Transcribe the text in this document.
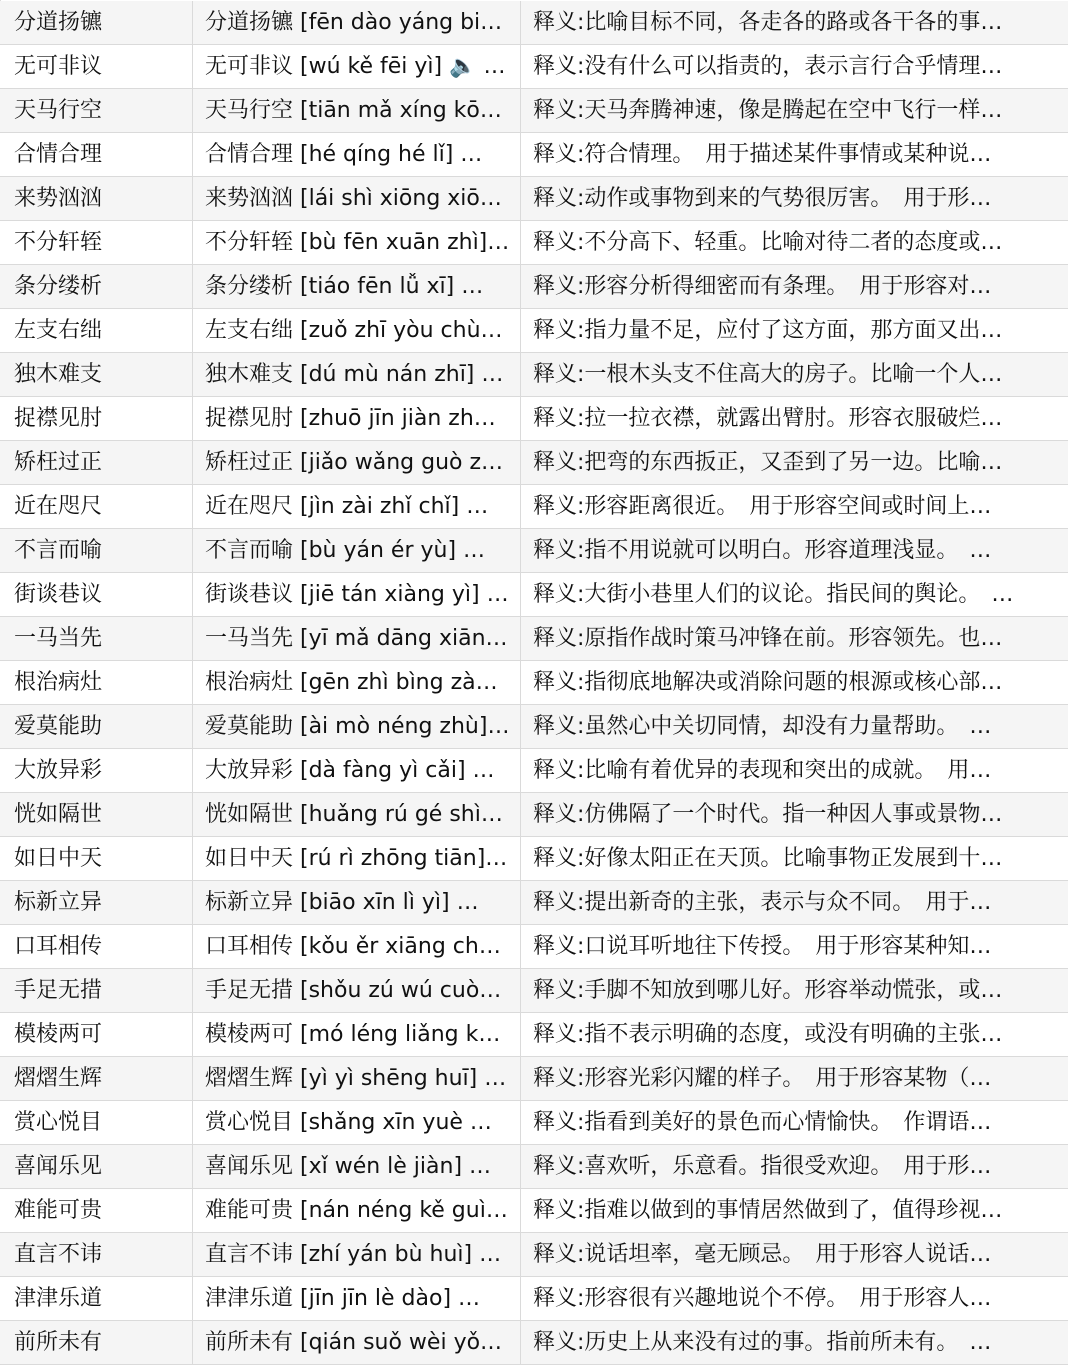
分道扬镳	分道扬镳 [fēn dào yáng bi…	释义:比喻目标不同，各走各的路或各干各的事…
无可非议	无可非议 [wú kě fēi yì] 🔈 …	释义:没有什么可以指责的，表示言行合乎情理…
天马行空	天马行空 [tiān mǎ xíng kō…	释义:天马奔腾神速，像是腾起在空中飞行一样…
合情合理	合情合理 [hé qíng hé lǐ] …	释义:符合情理。　用于描述某件事情或某种说…
来势汹汹	来势汹汹 [lái shì xiōng xiō…	释义:动作或事物到来的气势很厉害。　用于形…
不分轩轾	不分轩轾 [bù fēn xuān zhì]…	释义:不分高下、轻重。比喻对待二者的态度或…
条分缕析	条分缕析 [tiáo fēn lǚ xī] …	释义:形容分析得细密而有条理。　用于形容对…
左支右绌	左支右绌 [zuǒ zhī yòu chù…	释义:指力量不足，应付了这方面，那方面又出…
独木难支	独木难支 [dú mù nán zhī] …	释义:一根木头支不住高大的房子。比喻一个人…
捉襟见肘	捉襟见肘 [zhuō jīn jiàn zh…	释义:拉一拉衣襟，就露出臂肘。形容衣服破烂…
矫枉过正	矫枉过正 [jiǎo wǎng guò z…	释义:把弯的东西扳正，又歪到了另一边。比喻…
近在咫尺	近在咫尺 [jìn zài zhǐ chǐ] …	释义:形容距离很近。　用于形容空间或时间上…
不言而喻	不言而喻 [bù yán ér yù] …	释义:指不用说就可以明白。形容道理浅显。　…
街谈巷议	街谈巷议 [jiē tán xiàng yì] …	释义:大街小巷里人们的议论。指民间的舆论。　…
一马当先	一马当先 [yī mǎ dāng xiān…	释义:原指作战时策马冲锋在前。形容领先。也…
根治病灶	根治病灶 [gēn zhì bìng zà…	释义:指彻底地解决或消除问题的根源或核心部…
爱莫能助	爱莫能助 [ài mò néng zhù]…	释义:虽然心中关切同情，却没有力量帮助。　…
大放异彩	大放异彩 [dà fàng yì cǎi] …	释义:比喻有着优异的表现和突出的成就。　用…
恍如隔世	恍如隔世 [huǎng rú gé shì…	释义:仿佛隔了一个时代。指一种因人事或景物…
如日中天	如日中天 [rú rì zhōng tiān]…	释义:好像太阳正在天顶。比喻事物正发展到十…
标新立异	标新立异 [biāo xīn lì yì] …	释义:提出新奇的主张，表示与众不同。　用于…
口耳相传	口耳相传 [kǒu ěr xiāng ch…	释义:口说耳听地往下传授。　用于形容某种知…
手足无措	手足无措 [shǒu zú wú cuò…	释义:手脚不知放到哪儿好。形容举动慌张，或…
模棱两可	模棱两可 [mó léng liǎng k…	释义:指不表示明确的态度，或没有明确的主张…
熠熠生辉	熠熠生辉 [yì yì shēng huī] …	释义:形容光彩闪耀的样子。　用于形容某物（…
赏心悦目	赏心悦目 [shǎng xīn yuè …	释义:指看到美好的景色而心情愉快。　作谓语…
喜闻乐见	喜闻乐见 [xǐ wén lè jiàn] …	释义:喜欢听，乐意看。指很受欢迎。　用于形…
难能可贵	难能可贵 [nán néng kě guì…	释义:指难以做到的事情居然做到了，值得珍视…
直言不讳	直言不讳 [zhí yán bù huì] …	释义:说话坦率，毫无顾忌。　用于形容人说话…
津津乐道	津津乐道 [jīn jīn lè dào] …	释义:形容很有兴趣地说个不停。　用于形容人…
前所未有	前所未有 [qián suǒ wèi yǒ…	释义:历史上从来没有过的事。指前所未有。　…
